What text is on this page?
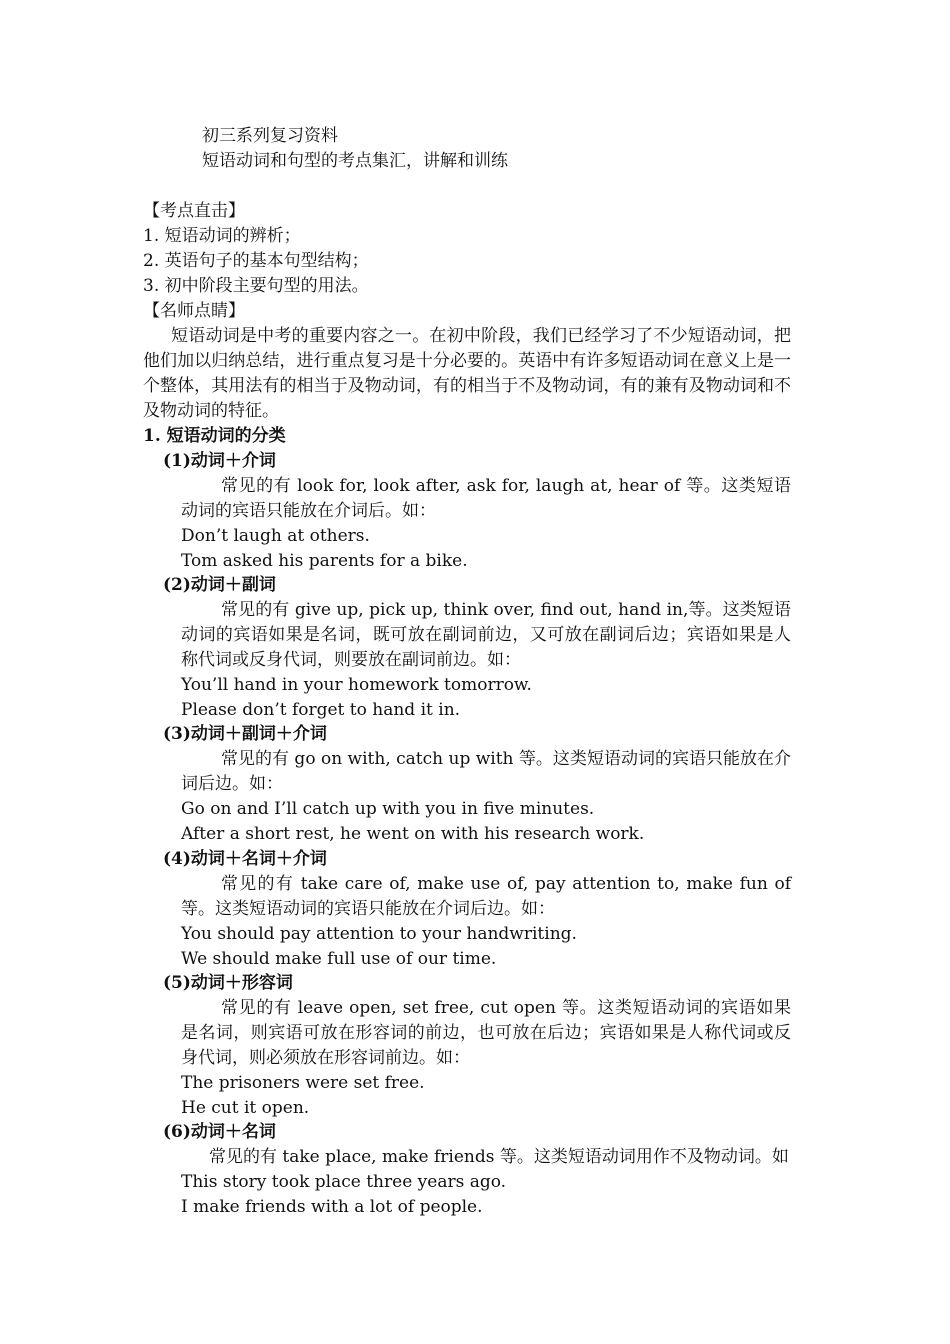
初三系列复习资料
短语动词和句型的考点集汇，讲解和训练
【考点直击】
1. 短语动词的辨析；
2. 英语句子的基本句型结构；
3. 初中阶段主要句型的用法。
【名师点睛】
短语动词是中考的重要内容之一。在初中阶段，我们已经学习了不少短语动词，把他们加以归纳总结，进行重点复习是十分必要的。英语中有许多短语动词在意义上是一个整体，其用法有的相当于及物动词，有的相当于不及物动词，有的兼有及物动词和不及物动词的特征。
1. 短语动词的分类
(1)动词＋介词
常见的有 look for, look after, ask for, laugh at, hear of 等。这类短语动词的宾语只能放在介词后。如：
Don’t laugh at others.
Tom asked his parents for a bike.
(2)动词＋副词
常见的有 give up, pick up, think over, find out, hand in,等。这类短语动词的宾语如果是名词，既可放在副词前边，又可放在副词后边；宾语如果是人称代词或反身代词，则要放在副词前边。如：
You’ll hand in your homework tomorrow.
Please don’t forget to hand it in.
(3)动词＋副词＋介词
常见的有 go on with, catch up with 等。这类短语动词的宾语只能放在介词后边。如：
Go on and I’ll catch up with you in five minutes.
After a short rest, he went on with his research work.
(4)动词＋名词＋介词
常见的有 take care of, make use of, pay attention to, make fun of 等。这类短语动词的宾语只能放在介词后边。如：
You should pay attention to your handwriting.
We should make full use of our time.
(5)动词＋形容词
常见的有 leave open, set free, cut open 等。这类短语动词的宾语如果是名词，则宾语可放在形容词的前边，也可放在后边；宾语如果是人称代词或反身代词，则必须放在形容词前边。如：
The prisoners were set free.
He cut it open.
(6)动词＋名词
常见的有 take place, make friends 等。这类短语动词用作不及物动词。如
This story took place three years ago.
I make friends with a lot of people.
